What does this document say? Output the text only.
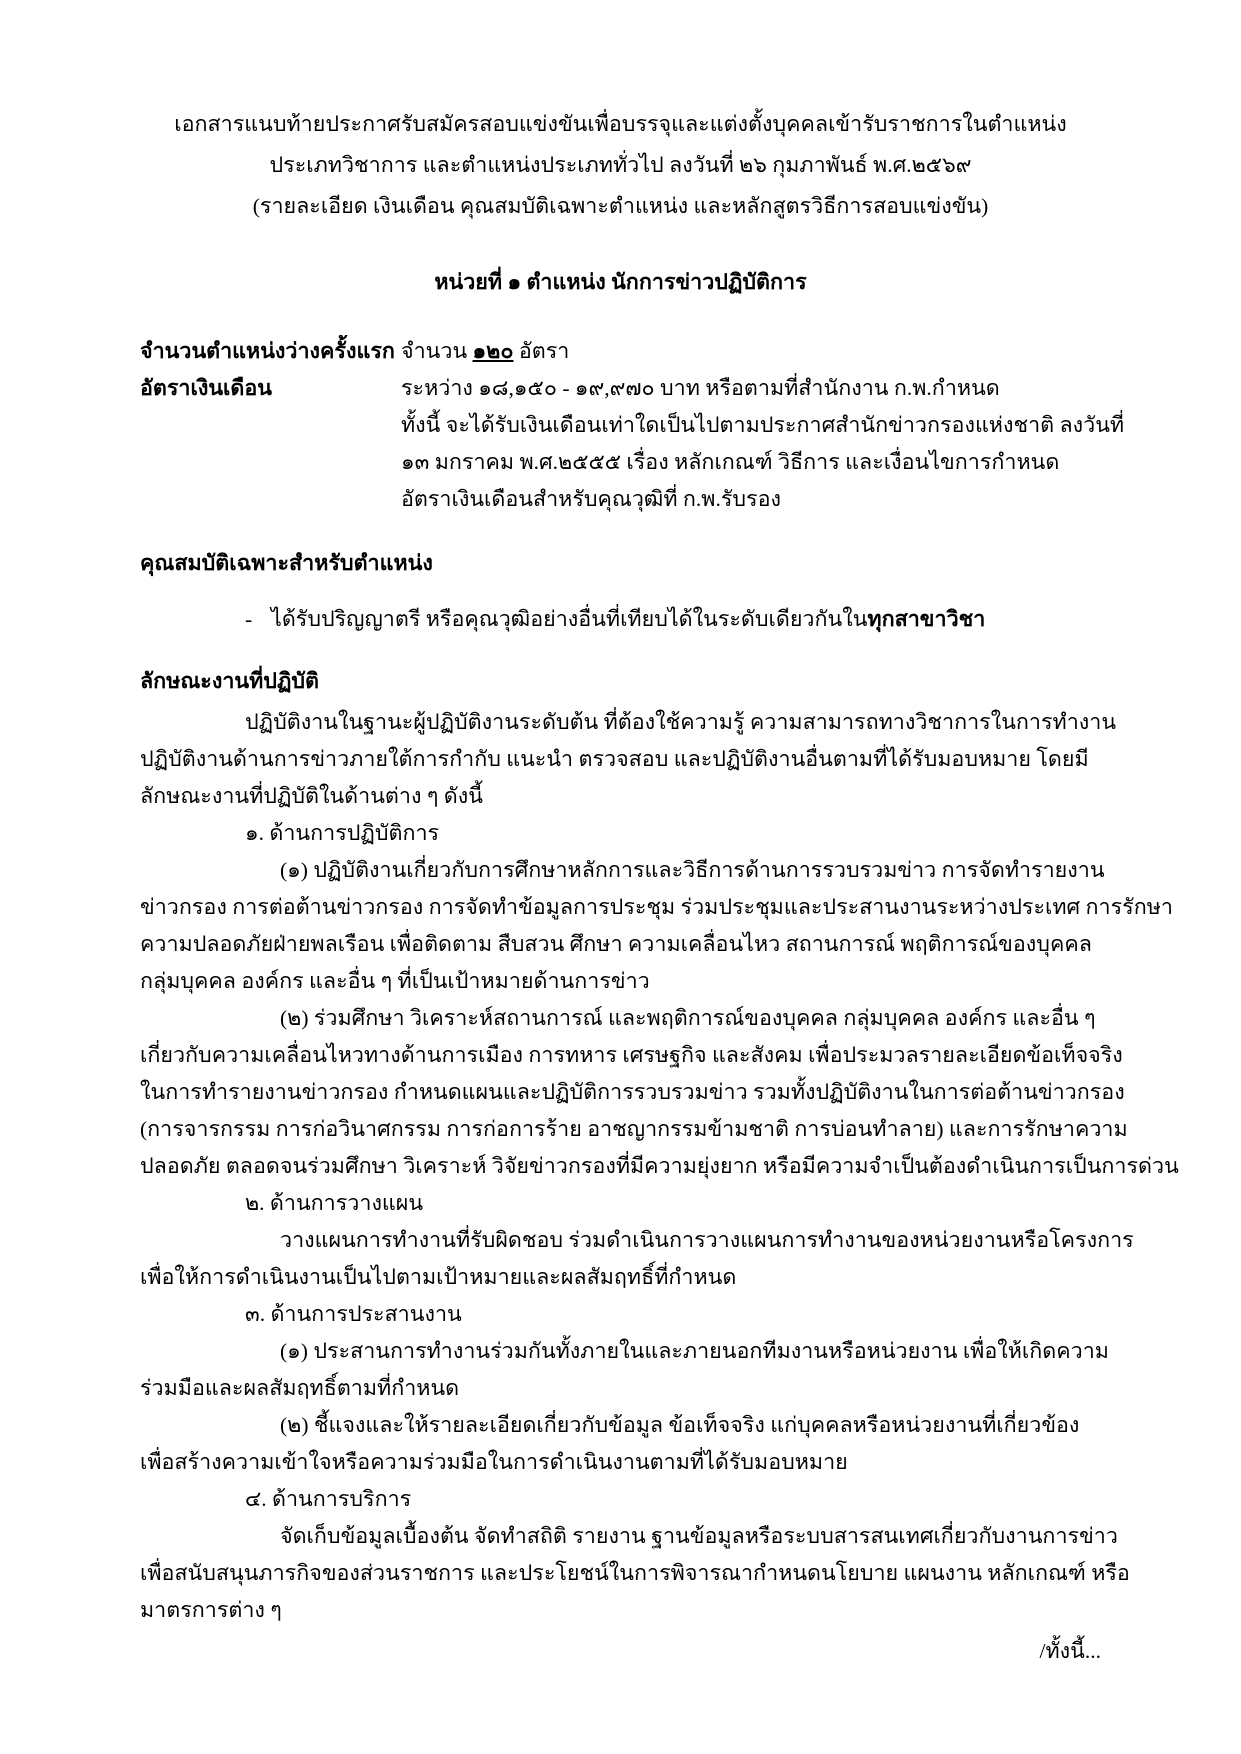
เอกสารแนบท้ายประกาศรับสมัครสอบแข่งขันเพื่อบรรจุและแต่งตั้งบุคคลเข้ารับราชการในตำแหน่ง
ประเภทวิชาการ และตำแหน่งประเภททั่วไป ลงวันที่ ๒๖ กุมภาพันธ์ พ.ศ.๒๕๖๙
(รายละเอียด เงินเดือน คุณสมบัติเฉพาะตำแหน่ง และหลักสูตรวิธีการสอบแข่งขัน)
หน่วยที่ ๑ ตำแหน่ง นักการข่าวปฏิบัติการ
จำนวนตำแหน่งว่างครั้งแรก จำนวน ๑๒๐ อัตรา
อัตราเงินเดือน	ระหว่าง ๑๘,๑๕๐ - ๑๙,๙๗๐ บาท หรือตามที่สำนักงาน ก.พ.กำหนด
ทั้งนี้ จะได้รับเงินเดือนเท่าใดเป็นไปตามประกาศสำนักข่าวกรองแห่งชาติ ลงวันที่
๑๓ มกราคม พ.ศ.๒๕๕๕ เรื่อง หลักเกณฑ์ วิธีการ และเงื่อนไขการกำหนด
อัตราเงินเดือนสำหรับคุณวุฒิที่ ก.พ.รับรอง
คุณสมบัติเฉพาะสำหรับตำแหน่ง
- ได้รับปริญญาตรี หรือคุณวุฒิอย่างอื่นที่เทียบได้ในระดับเดียวกันในทุกสาขาวิชา
ลักษณะงานที่ปฏิบัติ
ปฏิบัติงานในฐานะผู้ปฏิบัติงานระดับต้น ที่ต้องใช้ความรู้ ความสามารถทางวิชาการในการทำงาน
ปฏิบัติงานด้านการข่าวภายใต้การกำกับ แนะนำ ตรวจสอบ และปฏิบัติงานอื่นตามที่ได้รับมอบหมาย โดยมี
ลักษณะงานที่ปฏิบัติในด้านต่าง ๆ ดังนี้
๑. ด้านการปฏิบัติการ
(๑) ปฏิบัติงานเกี่ยวกับการศึกษาหลักการและวิธีการด้านการรวบรวมข่าว การจัดทำรายงาน
ข่าวกรอง การต่อต้านข่าวกรอง การจัดทำข้อมูลการประชุม ร่วมประชุมและประสานงานระหว่างประเทศ การรักษา
ความปลอดภัยฝ่ายพลเรือน เพื่อติดตาม สืบสวน ศึกษา ความเคลื่อนไหว สถานการณ์ พฤติการณ์ของบุคคล
กลุ่มบุคคล องค์กร และอื่น ๆ ที่เป็นเป้าหมายด้านการข่าว
(๒) ร่วมศึกษา วิเคราะห์สถานการณ์ และพฤติการณ์ของบุคคล กลุ่มบุคคล องค์กร และอื่น ๆ
เกี่ยวกับความเคลื่อนไหวทางด้านการเมือง การทหาร เศรษฐกิจ และสังคม เพื่อประมวลรายละเอียดข้อเท็จจริง
ในการทำรายงานข่าวกรอง กำหนดแผนและปฏิบัติการรวบรวมข่าว รวมทั้งปฏิบัติงานในการต่อต้านข่าวกรอง
(การจารกรรม การก่อวินาศกรรม การก่อการร้าย อาชญากรรมข้ามชาติ การบ่อนทำลาย) และการรักษาความ
ปลอดภัย ตลอดจนร่วมศึกษา วิเคราะห์ วิจัยข่าวกรองที่มีความยุ่งยาก หรือมีความจำเป็นต้องดำเนินการเป็นการด่วน
๒. ด้านการวางแผน
วางแผนการทำงานที่รับผิดชอบ ร่วมดำเนินการวางแผนการทำงานของหน่วยงานหรือโครงการ
เพื่อให้การดำเนินงานเป็นไปตามเป้าหมายและผลสัมฤทธิ์ที่กำหนด
๓. ด้านการประสานงาน
(๑) ประสานการทำงานร่วมกันทั้งภายในและภายนอกทีมงานหรือหน่วยงาน เพื่อให้เกิดความ
ร่วมมือและผลสัมฤทธิ์ตามที่กำหนด
(๒) ชี้แจงและให้รายละเอียดเกี่ยวกับข้อมูล ข้อเท็จจริง แก่บุคคลหรือหน่วยงานที่เกี่ยวข้อง
เพื่อสร้างความเข้าใจหรือความร่วมมือในการดำเนินงานตามที่ได้รับมอบหมาย
๔. ด้านการบริการ
จัดเก็บข้อมูลเบื้องต้น จัดทำสถิติ รายงาน ฐานข้อมูลหรือระบบสารสนเทศเกี่ยวกับงานการข่าว
เพื่อสนับสนุนภารกิจของส่วนราชการ และประโยชน์ในการพิจารณากำหนดนโยบาย แผนงาน หลักเกณฑ์ หรือ
มาตรการต่าง ๆ
/ทั้งนี้...
